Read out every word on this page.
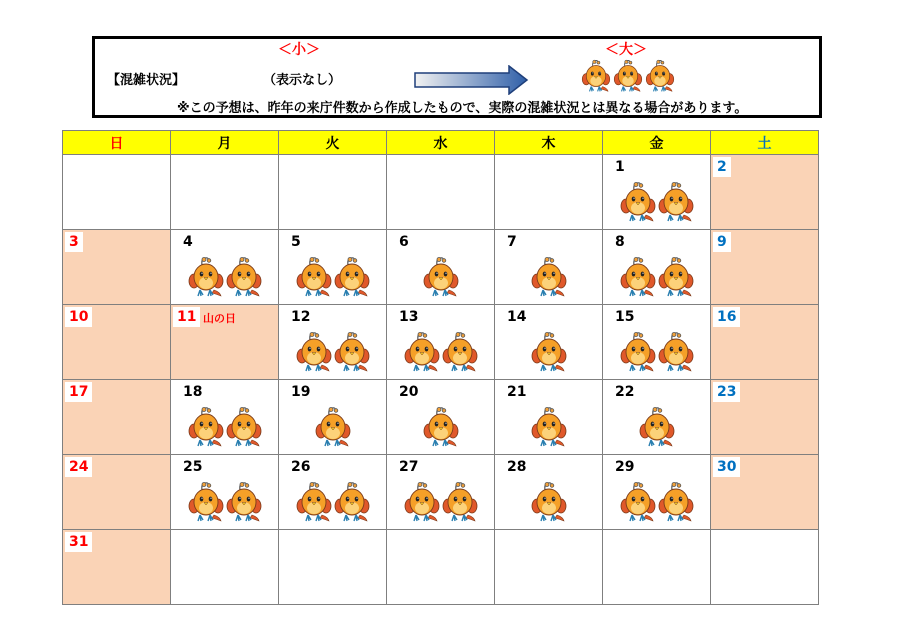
＜小＞	＜大＞
【混雑状況】	（表示なし）
※この予想は、昨年の来庁件数から作成したもので、実際の混雑状況とは異なる場合があります。
日	月	火	水	木	金	土

					1	2

3	4	5	6	7	8	9

10	11 山の日	12	13	14	15	16

17	18	19	20	21	22	23

24	25	26	27	28	29	30

31						
